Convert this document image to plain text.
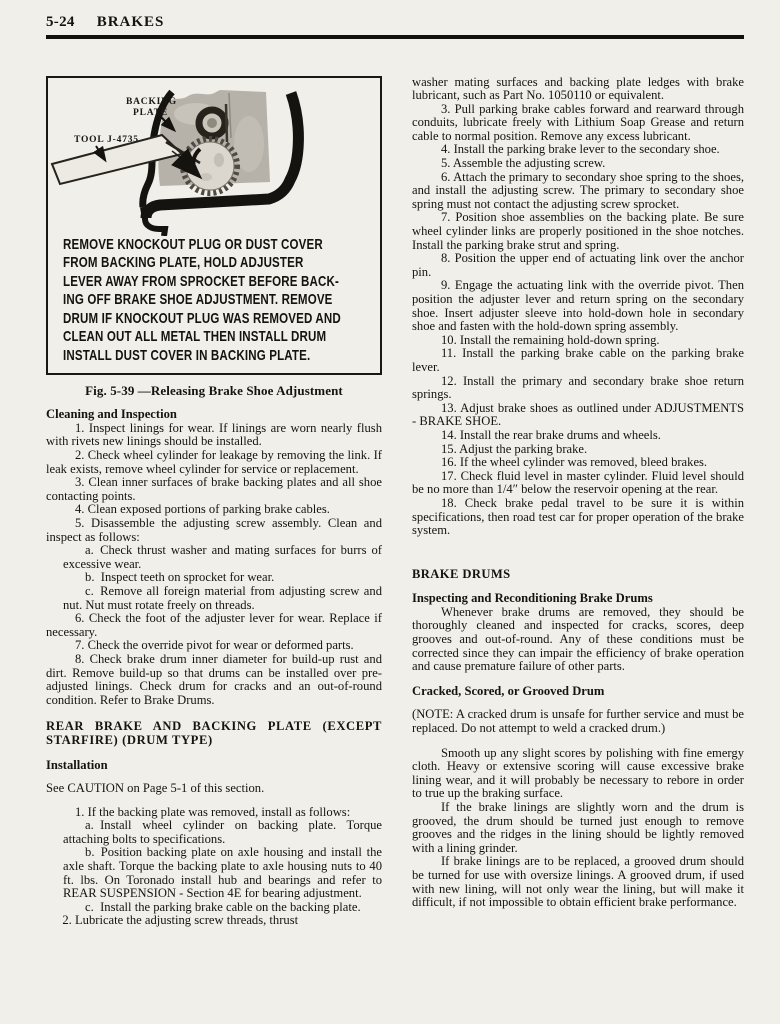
5-24 BRAKES
BACKING
PLATE
TOOL J-4735
REMOVE KNOCKOUT PLUG OR DUST COVER
FROM BACKING PLATE, HOLD ADJUSTER
LEVER AWAY FROM SPROCKET BEFORE BACK-
ING OFF BRAKE SHOE ADJUSTMENT. REMOVE
DRUM IF KNOCKOUT PLUG WAS REMOVED AND
CLEAN OUT ALL METAL THEN INSTALL DRUM
INSTALL DUST COVER IN BACKING PLATE.
Fig. 5-39 —Releasing Brake Shoe Adjustment

Cleaning and Inspection

1. Inspect linings for wear. If linings are worn nearly flush with rivets new linings should be installed.

2. Check wheel cylinder for leakage by removing the link. If leak exists, remove wheel cylinder for service or replacement.

3. Clean inner surfaces of brake backing plates and all shoe contacting points.

4. Clean exposed portions of parking brake cables.

5. Disassemble the adjusting screw assembly. Clean and inspect as follows:

a. Check thrust washer and mating surfaces for burrs of excessive wear.

b. Inspect teeth on sprocket for wear.

c. Remove all foreign material from adjusting screw and nut. Nut must rotate freely on threads.

6. Check the foot of the adjuster lever for wear. Replace if necessary.

7. Check the override pivot for wear or deformed parts.

8. Check brake drum inner diameter for build-up rust and dirt. Remove build-up so that drums can be installed over pre-adjusted linings. Check drum for cracks and an out-of-round condition. Refer to Brake Drums.

REAR BRAKE AND BACKING PLATE (EXCEPT STARFIRE) (DRUM TYPE)

Installation

See CAUTION on Page 5-1 of this section.

1. If the backing plate was removed, install as follows:

a. Install wheel cylinder on backing plate. Torque attaching bolts to specifications.

b. Position backing plate on axle housing and install the axle shaft. Torque the backing plate to axle housing nuts to 40 ft. lbs. On Toronado install hub and bearings and refer to REAR SUSPENSION - Section 4E for bearing adjustment.

c. Install the parking brake cable on the backing plate.

2. Lubricate the adjusting screw threads, thrust

washer mating surfaces and backing plate ledges with brake lubricant, such as Part No. 1050110 or equivalent.

3. Pull parking brake cables forward and rearward through conduits, lubricate freely with Lithium Soap Grease and return cable to normal position. Remove any excess lubricant.

4. Install the parking brake lever to the secondary shoe.

5. Assemble the adjusting screw.

6. Attach the primary to secondary shoe spring to the shoes, and install the adjusting screw. The primary to secondary shoe spring must not contact the adjusting screw sprocket.

7. Position shoe assemblies on the backing plate. Be sure wheel cylinder links are properly positioned in the shoe notches. Install the parking brake strut and spring.

8. Position the upper end of actuating link over the anchor pin.

9. Engage the actuating link with the override pivot. Then position the adjuster lever and return spring on the secondary shoe. Insert adjuster sleeve into hold-down hole in secondary shoe and fasten with the hold-down spring assembly.

10. Install the remaining hold-down spring.

11. Install the parking brake cable on the parking brake lever.

12. Install the primary and secondary brake shoe return springs.

13. Adjust brake shoes as outlined under ADJUSTMENTS - BRAKE SHOE.

14. Install the rear brake drums and wheels.

15. Adjust the parking brake.

16. If the wheel cylinder was removed, bleed brakes.

17. Check fluid level in master cylinder. Fluid level should be no more than 1/4″ below the reservoir opening at the rear.

18. Check brake pedal travel to be sure it is within specifications, then road test car for proper operation of the brake system.

BRAKE DRUMS

Inspecting and Reconditioning Brake Drums

Whenever brake drums are removed, they should be thoroughly cleaned and inspected for cracks, scores, deep grooves and out-of-round. Any of these conditions must be corrected since they can impair the efficiency of brake operation and cause premature failure of other parts.

Cracked, Scored, or Grooved Drum

(NOTE: A cracked drum is unsafe for further service and must be replaced. Do not attempt to weld a cracked drum.)

Smooth up any slight scores by polishing with fine emergy cloth. Heavy or extensive scoring will cause excessive brake lining wear, and it will probably be necessary to rebore in order to true up the braking surface.

If the brake linings are slightly worn and the drum is grooved, the drum should be turned just enough to remove grooves and the ridges in the lining should be lightly removed with a lining grinder.

If brake linings are to be replaced, a grooved drum should be turned for use with oversize linings. A grooved drum, if used with new lining, will not only wear the lining, but will make it difficult, if not impossible to obtain efficient brake performance.
